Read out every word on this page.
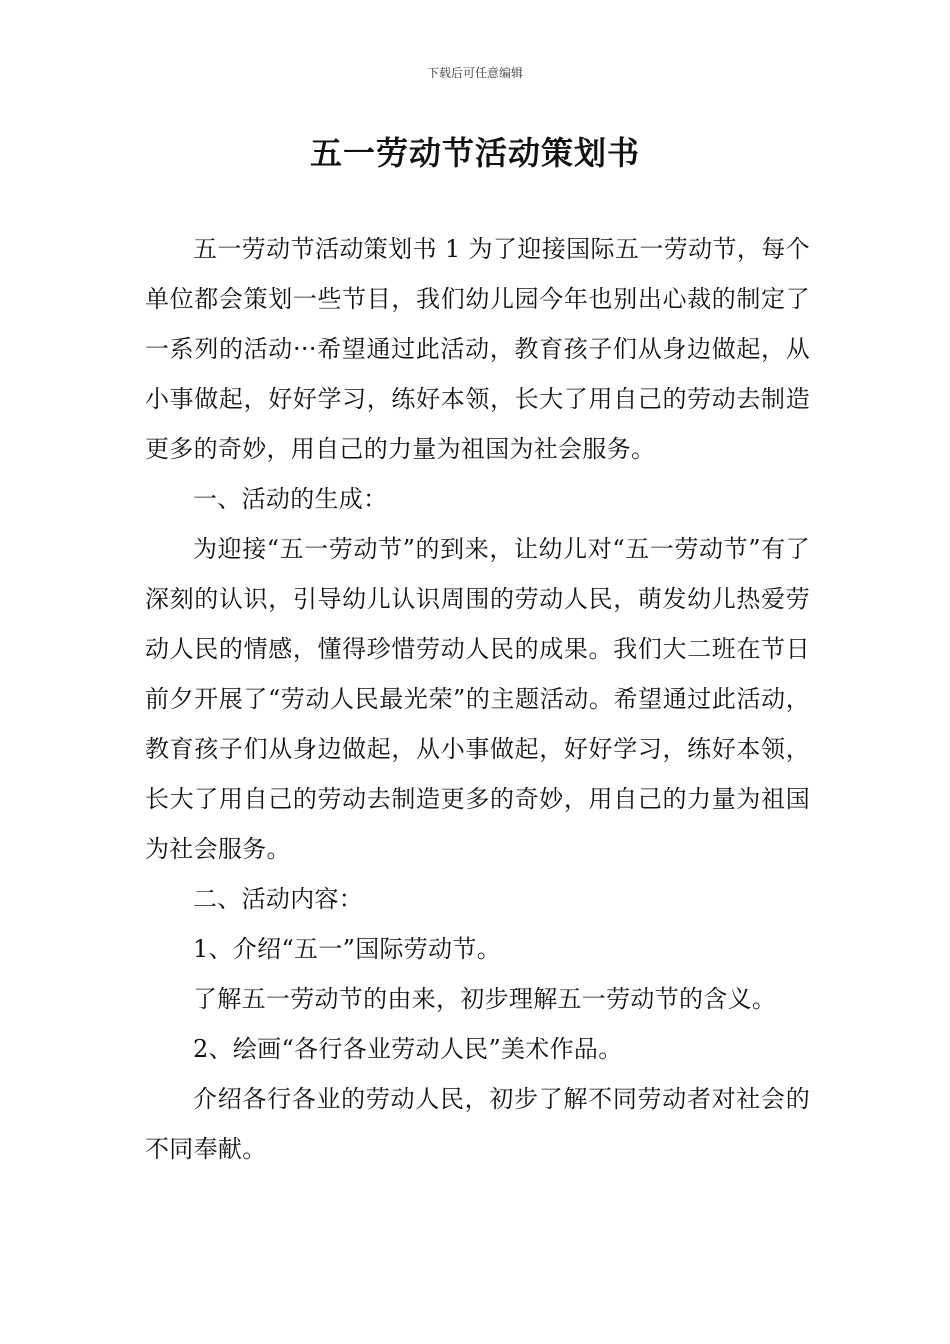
下载后可任意编辑
五一劳动节活动策划书

五一劳动节活动策划书 1 为了迎接国际五一劳动节，每个单位都会策划一些节目，我们幼儿园今年也别出心裁的制定了一系列的活动···希望通过此活动，教育孩子们从身边做起，从小事做起，好好学习，练好本领，长大了用自己的劳动去制造更多的奇妙，用自己的力量为祖国为社会服务。

一、活动的生成：

为迎接“五一劳动节”的到来，让幼儿对“五一劳动节”有了深刻的认识，引导幼儿认识周围的劳动人民，萌发幼儿热爱劳动人民的情感，懂得珍惜劳动人民的成果。我们大二班在节日前夕开展了“劳动人民最光荣”的主题活动。希望通过此活动，教育孩子们从身边做起，从小事做起，好好学习，练好本领，长大了用自己的劳动去制造更多的奇妙，用自己的力量为祖国为社会服务。

二、活动内容：

1、介绍“五一”国际劳动节。

了解五一劳动节的由来，初步理解五一劳动节的含义。

2、绘画“各行各业劳动人民”美术作品。

介绍各行各业的劳动人民，初步了解不同劳动者对社会的不同奉献。
